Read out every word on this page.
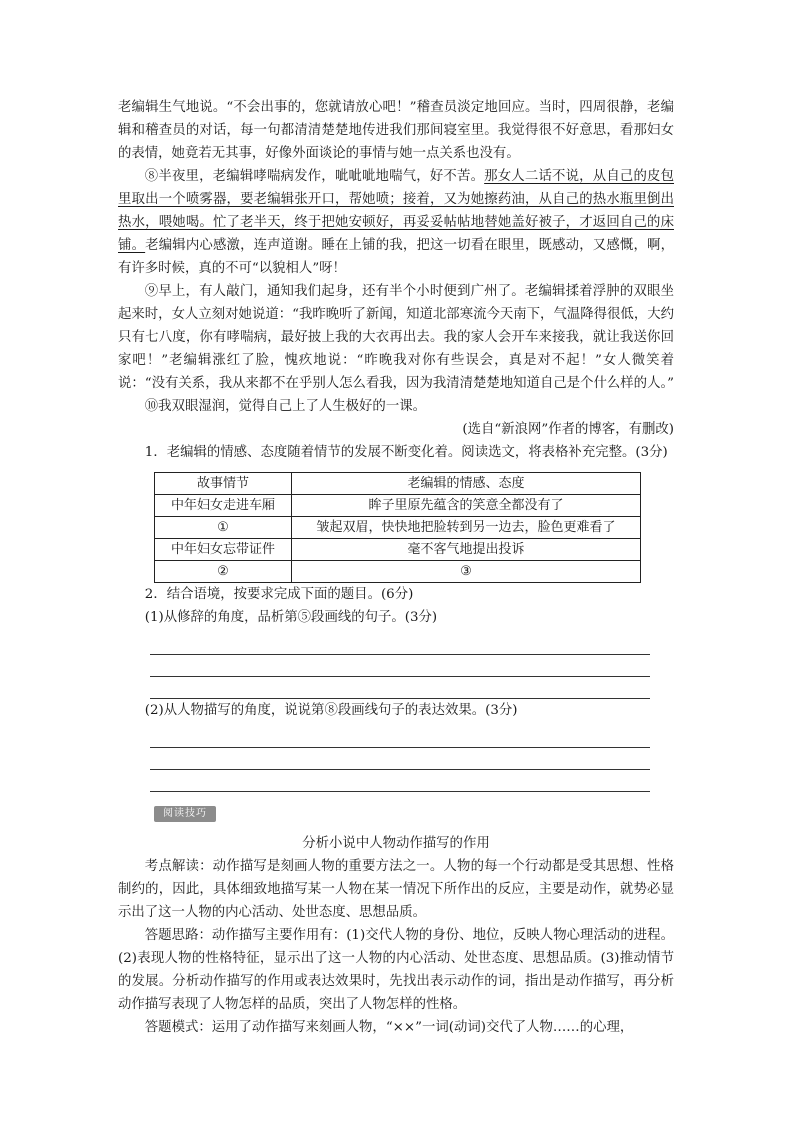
老编辑生气地说。“不会出事的，您就请放心吧！”稽查员淡定地回应。当时，四周很静，老编辑和稽查员的对话，每一句都清清楚楚地传进我们那间寝室里。我觉得很不好意思，看那妇女的表情，她竟若无其事，好像外面谈论的事情与她一点关系也没有。

⑧半夜里，老编辑哮喘病发作，呲呲呲地喘气，好不苦。那女人二话不说，从自己的皮包里取出一个喷雾器，要老编辑张开口，帮她喷；接着，又为她擦药油，从自己的热水瓶里倒出热水，喂她喝。忙了老半天，终于把她安顿好，再妥妥帖帖地替她盖好被子，才返回自己的床铺。老编辑内心感激，连声道谢。睡在上铺的我，把这一切看在眼里，既感动，又感慨，啊，有许多时候，真的不可“以貌相人”呀！

⑨早上，有人敲门，通知我们起身，还有半个小时便到广州了。老编辑揉着浮肿的双眼坐起来时，女人立刻对她说道：“我昨晚听了新闻，知道北部寒流今天南下，气温降得很低，大约只有七八度，你有哮喘病，最好披上我的大衣再出去。我的家人会开车来接我，就让我送你回家吧！”老编辑涨红了脸，愧疚地说：“昨晚我对你有些误会，真是对不起！”女人微笑着说：“没有关系，我从来都不在乎别人怎么看我，因为我清清楚楚地知道自己是个什么样的人。”

⑩我双眼湿润，觉得自己上了人生极好的一课。

(选自“新浪网”作者的博客，有删改)

1．老编辑的情感、态度随着情节的发展不断变化着。阅读选文，将表格补充完整。(3分)

故事情节	老编辑的情感、态度
中年妇女走进车厢	眸子里原先蕴含的笑意全都没有了
①	皱起双眉，快快地把脸转到另一边去，脸色更难看了
中年妇女忘带证件	毫不客气地提出投诉
②	③

2．结合语境，按要求完成下面的题目。(6分)

(1)从修辞的角度，品析第⑤段画线的句子。(3分)

(2)从人物描写的角度，说说第⑧段画线句子的表达效果。(3分)

阅读技巧

分析小说中人物动作描写的作用

考点解读：动作描写是刻画人物的重要方法之一。人物的每一个行动都是受其思想、性格制约的，因此，具体细致地描写某一人物在某一情况下所作出的反应，主要是动作，就势必显示出了这一人物的内心活动、处世态度、思想品质。

答题思路：动作描写主要作用有：(1)交代人物的身份、地位，反映人物心理活动的进程。(2)表现人物的性格特征，显示出了这一人物的内心活动、处世态度、思想品质。(3)推动情节的发展。分析动作描写的作用或表达效果时，先找出表示动作的词，指出是动作描写，再分析动作描写表现了人物怎样的品质，突出了人物怎样的性格。

答题模式：运用了动作描写来刻画人物，“××”一词(动词)交代了人物……的心理，
